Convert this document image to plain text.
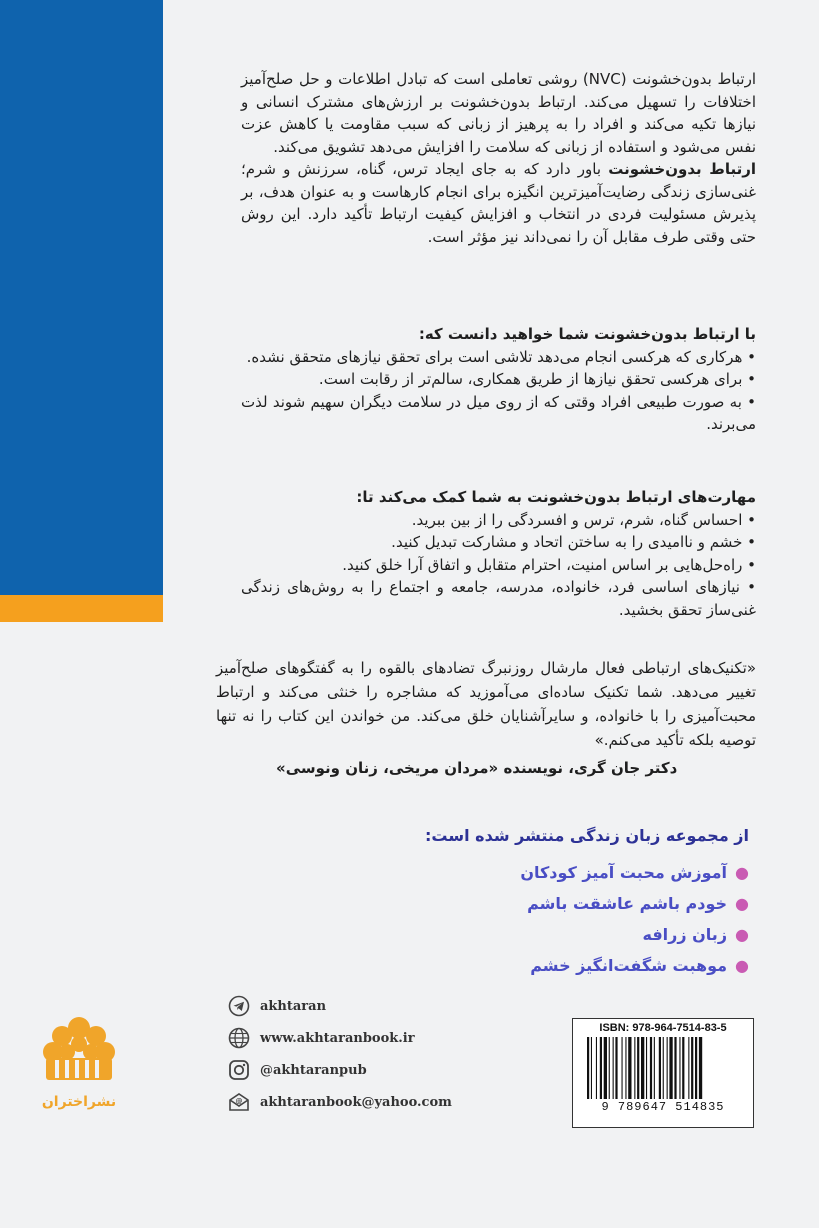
ارتباط بدون‌خشونت (NVC) روشی تعاملی است که تبادل اطلاعات و حل صلح‌آمیز اختلافات را تسهیل می‌کند. ارتباط بدون‌خشونت بر ارزش‌های مشترک انسانی و نیازها تکیه می‌کند و افراد را به پرهیز از زبانی که سبب مقاومت یا کاهش عزت نفس می‌شود و استفاده از زبانی که سلامت را افزایش می‌دهد تشویق می‌کند.

ارتباط بدون‌خشونت باور دارد که به جای ایجاد ترس، گناه، سرزنش و شرم؛ غنی‌سازی زندگی رضایت‌آمیزترین انگیزه برای انجام کارهاست و به عنوان هدف، بر پذیرش مسئولیت فردی در انتخاب و افزایش کیفیت ارتباط تأکید دارد. این روش حتی وقتی طرف مقابل آن را نمی‌داند نیز مؤثر است.

با ارتباط بدون‌خشونت شما خواهید دانست که:

• هرکاری که هرکسی انجام می‌دهد تلاشی است برای تحقق نیازهای متحقق نشده.
• برای هرکسی تحقق نیازها از طریق همکاری، سالم‌تر از رقابت است.
• به صورت طبیعی افراد وقتی که از روی میل در سلامت دیگران سهیم شوند لذت می‌برند.

مهارت‌های ارتباط بدون‌خشونت به شما کمک می‌کند تا:

• احساس گناه، شرم، ترس و افسردگی را از بین ببرید.
• خشم و ناامیدی را به ساختن اتحاد و مشارکت تبدیل کنید.
• راه‌حل‌هایی بر اساس امنیت، احترام متقابل و اتفاق آرا خلق کنید.
• نیازهای اساسی فرد، خانواده، مدرسه، جامعه و اجتماع را به روش‌های زندگی غنی‌ساز تحقق بخشید.

«تکنیک‌های ارتباطی فعال مارشال روزنبرگ تضادهای بالقوه را به گفتگوهای صلح‌آمیز تغییر می‌دهد. شما تکنیک ساده‌ای می‌آموزید که مشاجره را خنثی می‌کند و ارتباط محبت‌آمیزی را با خانواده، و سایرآشنایان خلق می‌کند. من خواندن این کتاب را نه تنها توصیه بلکه تأکید می‌کنم.»

دکتر جان گری، نویسنده «مردان مریخی، زنان ونوسی»

از مجموعه زبان زندگی منتشر شده است:

●آموزش محبت آمیز کودکان
●خودم باشم عاشقت باشم
●زبان زرافه
●موهبت شگفت‌انگیز خشم
akhtaran
www.akhtaranbook.ir
@akhtaranpub
@ akhtaranbook@yahoo.com
نشراختران
ISBN: 978-964-7514-83-5
9 789647 514835
